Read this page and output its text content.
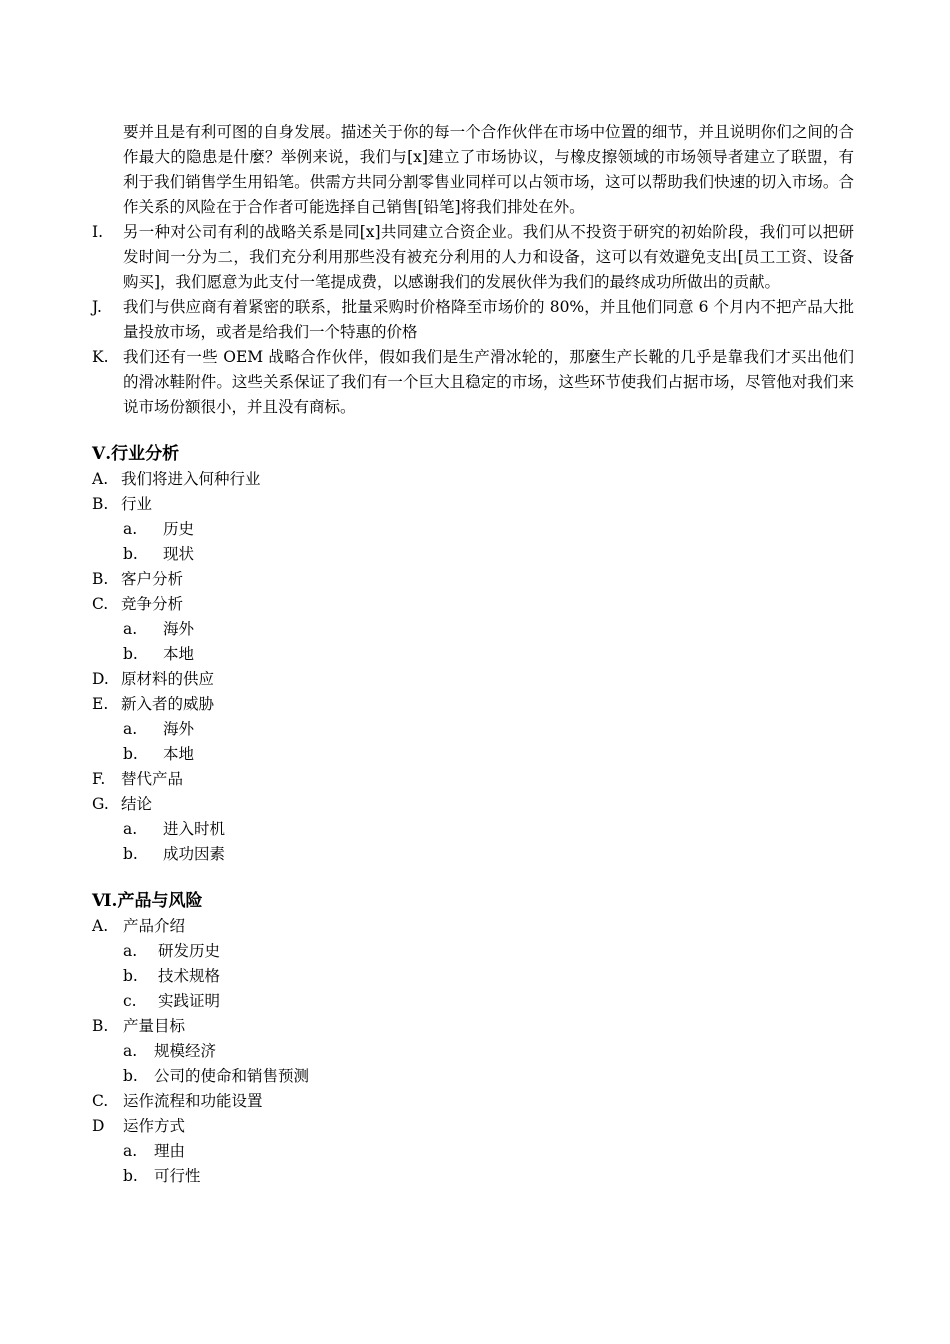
要并且是有利可图的自身发展。描述关于你的每一个合作伙伴在市场中位置的细节，并且说明你们之间的合作最大的隐患是什麼？举例来说，我们与[x]建立了市场协议，与橡皮擦领域的市场领导者建立了联盟，有利于我们销售学生用铅笔。供需方共同分割零售业同样可以占领市场，这可以帮助我们快速的切入市场。合作关系的风险在于合作者可能选择自己销售[铅笔]将我们排处在外。
I.	另一种对公司有利的战略关系是同[x]共同建立合资企业。我们从不投资于研究的初始阶段，我们可以把研发时间一分为二，我们充分利用那些没有被充分利用的人力和设备，这可以有效避免支出[员工工资、设备购买]，我们愿意为此支付一笔提成费，以感谢我们的发展伙伴为我们的最终成功所做出的贡献。
J.	我们与供应商有着紧密的联系，批量采购时价格降至市场价的 80%，并且他们同意 6 个月内不把产品大批量投放市场，或者是给我们一个特惠的价格
K. 我们还有一些 OEM 战略合作伙伴，假如我们是生产滑冰轮的，那麼生产长靴的几乎是靠我们才买出他们的滑冰鞋附件。这些关系保证了我们有一个巨大且稳定的市场，这些环节使我们占据市场，尽管他对我们来说市场份额很小，并且没有商标。
Ⅴ.行业分析
A. 我们将进入何种行业
B. 行业
a.	历史
b.	现状
B. 客户分析
C. 竞争分析
a.	海外
b.	本地
D. 原材料的供应
E. 新入者的威胁
a.	海外
b.	本地
F.	替代产品
G. 结论
a.	进入时机
b.	成功因素
Ⅵ.产品与风险
A. 产品介绍
a.	研发历史
b.	技术规格
c.	实践证明
B. 产量目标
a.	规模经济
b.	公司的使命和销售预测
C. 运作流程和功能设置
D	运作方式
a.	理由
b.	可行性
